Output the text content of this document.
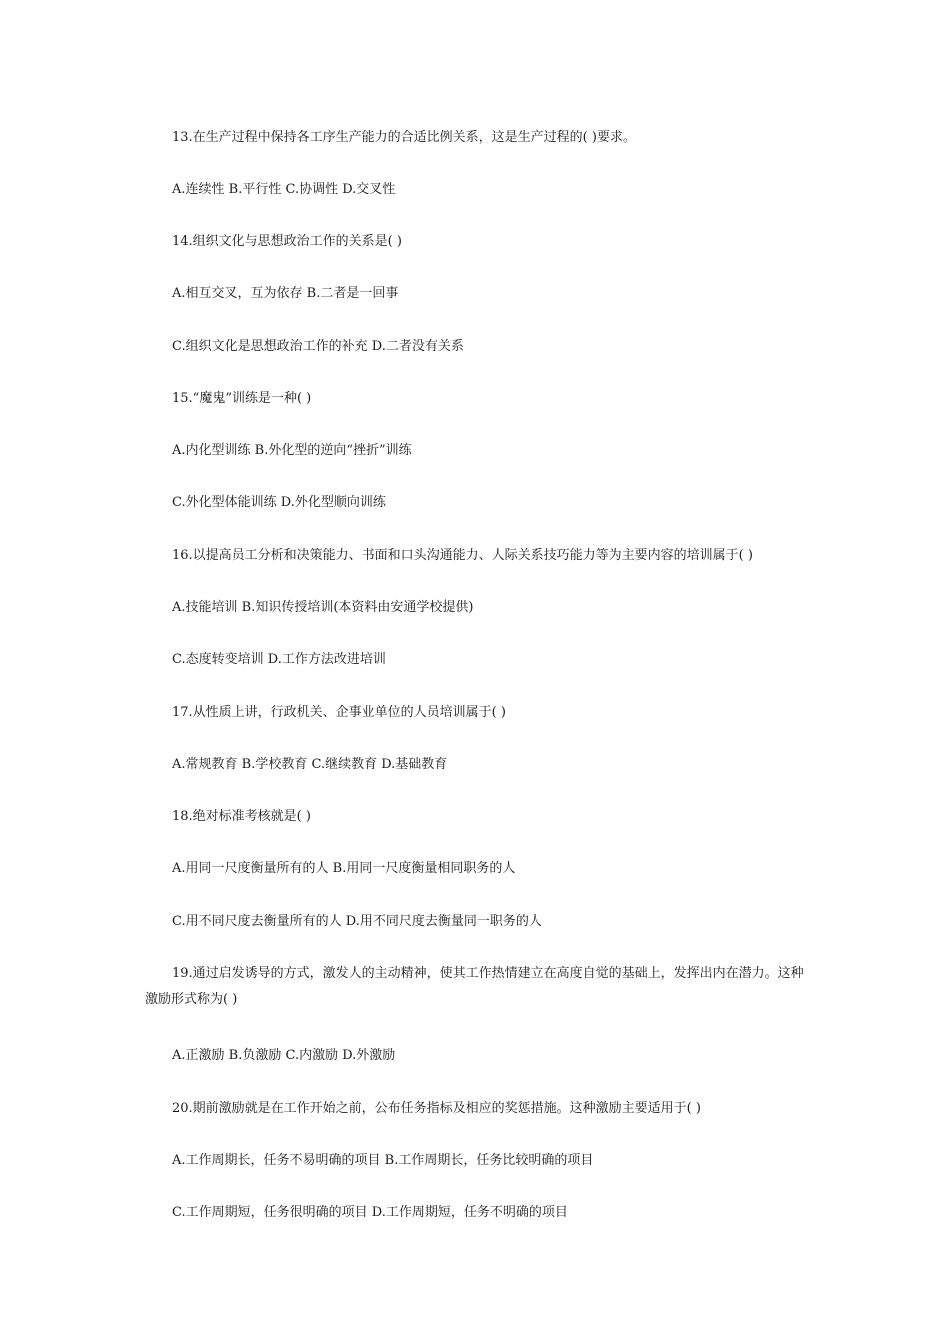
13.在生产过程中保持各工序生产能力的合适比例关系，这是生产过程的( )要求。
A.连续性 B.平行性 C.协调性 D.交叉性
14.组织文化与思想政治工作的关系是( )
A.相互交叉，互为依存 B.二者是一回事
C.组织文化是思想政治工作的补充 D.二者没有关系
15.“魔鬼”训练是一种( )
A.内化型训练 B.外化型的逆向“挫折”训练
C.外化型体能训练 D.外化型顺向训练
16.以提高员工分析和决策能力、书面和口头沟通能力、人际关系技巧能力等为主要内容的培训属于( )
A.技能培训 B.知识传授培训(本资料由安通学校提供)
C.态度转变培训 D.工作方法改进培训
17.从性质上讲，行政机关、企事业单位的人员培训属于( )
A.常规教育 B.学校教育 C.继续教育 D.基础教育
18.绝对标准考核就是( )
A.用同一尺度衡量所有的人 B.用同一尺度衡量相同职务的人
C.用不同尺度去衡量所有的人 D.用不同尺度去衡量同一职务的人
19.通过启发诱导的方式，激发人的主动精神，使其工作热情建立在高度自觉的基础上，发挥出内在潜力。这种激励形式称为( )
A.正激励 B.负激励 C.内激励 D.外激励
20.期前激励就是在工作开始之前，公布任务指标及相应的奖惩措施。这种激励主要适用于( )
A.工作周期长，任务不易明确的项目 B.工作周期长，任务比较明确的项目
C.工作周期短，任务很明确的项目 D.工作周期短，任务不明确的项目
